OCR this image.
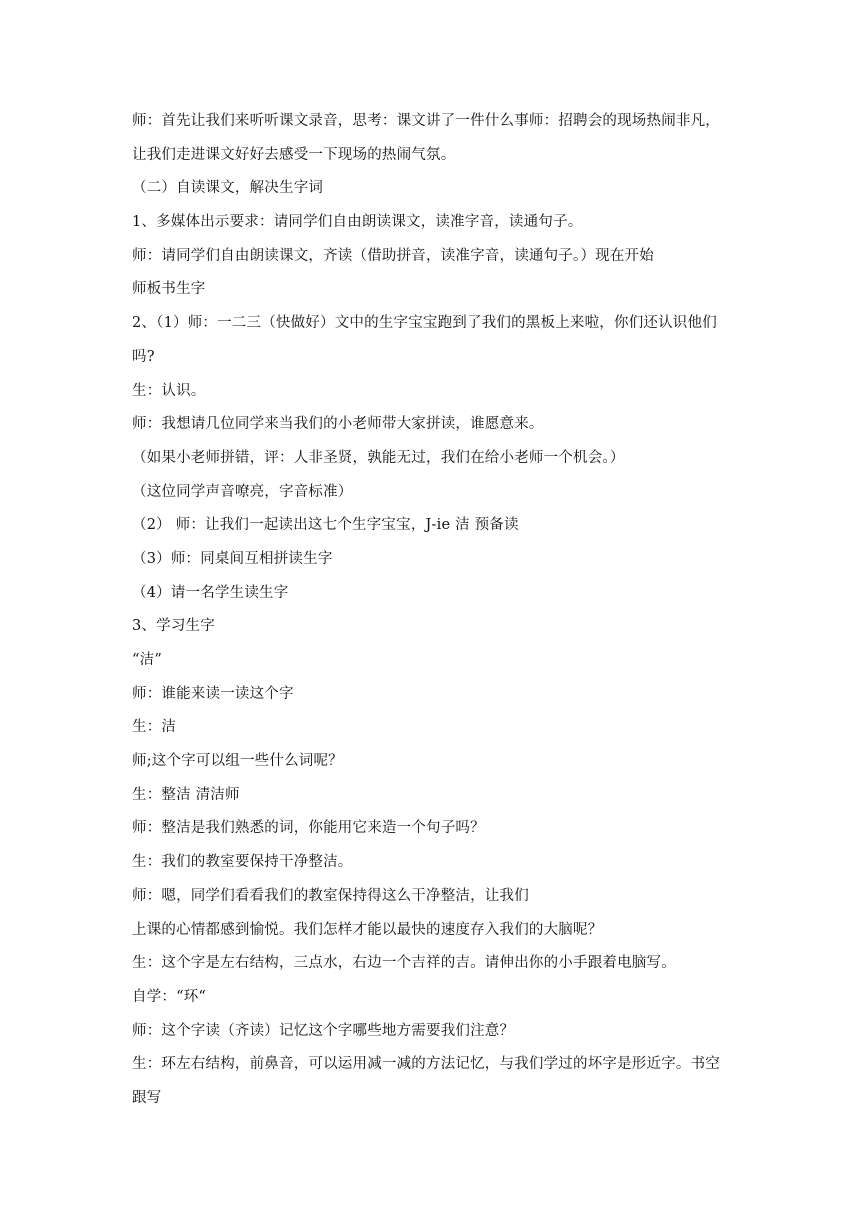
师：首先让我们来听听课文录音，思考：课文讲了一件什么事师：招聘会的现场热闹非凡，
让我们走进课文好好去感受一下现场的热闹气氛。
（二）自读课文，解决生字词
1、多媒体出示要求：请同学们自由朗读课文，读准字音，读通句子。
师：请同学们自由朗读课文，齐读（借助拼音，读准字音，读通句子。）现在开始
师板书生字
2、（1）师：一二三（快做好）文中的生字宝宝跑到了我们的黑板上来啦，你们还认识他们
吗?
生：认识。
师：我想请几位同学来当我们的小老师带大家拼读，谁愿意来。
（如果小老师拼错，评：人非圣贤，孰能无过，我们在给小老师一个机会。）
（这位同学声音嘹亮，字音标准）
（2） 师：让我们一起读出这七个生字宝宝，J-ie 洁 预备读
（3）师：同桌间互相拼读生字
（4）请一名学生读生字
3、学习生字
“洁”
师：谁能来读一读这个字
生：洁
师;这个字可以组一些什么词呢？
生：整洁 清洁师
师：整洁是我们熟悉的词，你能用它来造一个句子吗？
生：我们的教室要保持干净整洁。
师：嗯，同学们看看我们的教室保持得这么干净整洁，让我们
上课的心情都感到愉悦。我们怎样才能以最快的速度存入我们的大脑呢？
生：这个字是左右结构，三点水，右边一个吉祥的吉。请伸出你的小手跟着电脑写。
自学：“环“
师：这个字读（齐读）记忆这个字哪些地方需要我们注意？
生：环左右结构，前鼻音，可以运用减一减的方法记忆，与我们学过的坏字是形近字。书空
跟写
